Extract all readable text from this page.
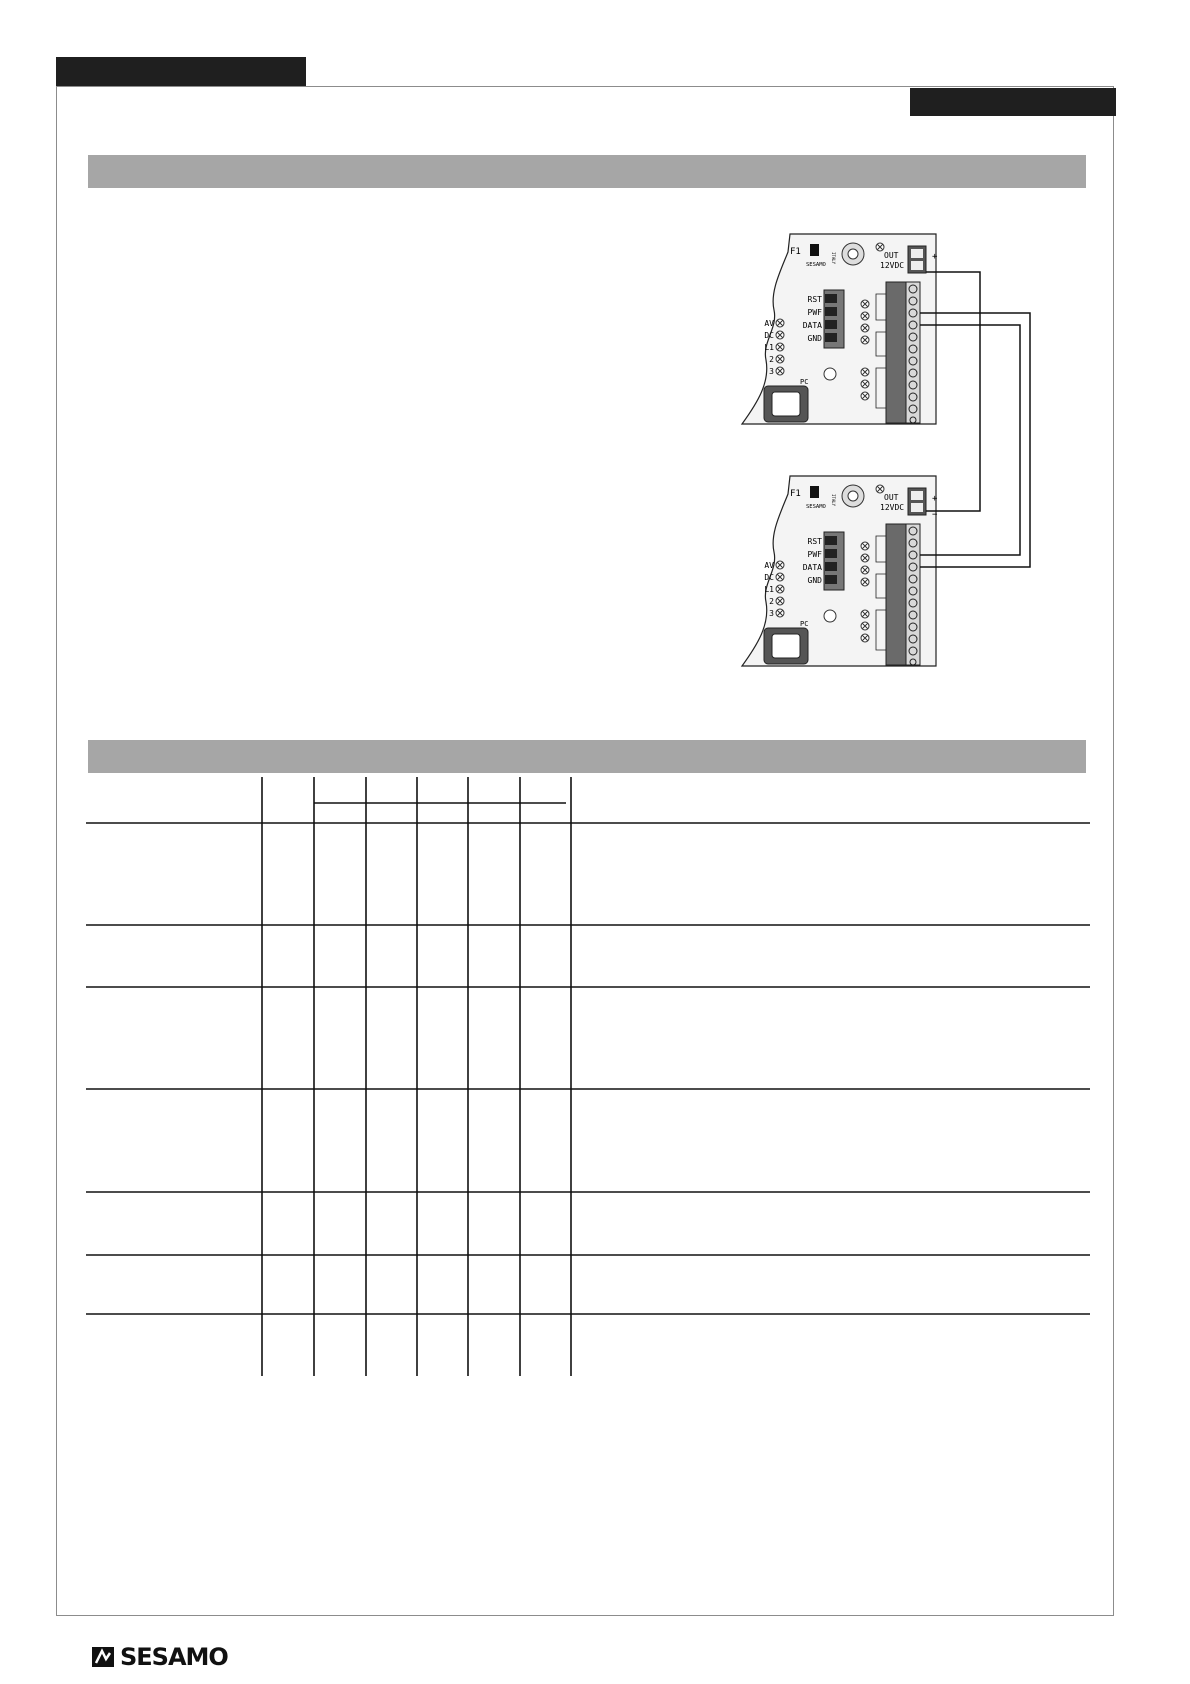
F1
SESAMO
ITALY	OUT
12VDC
+
−
RST
PWF
DATA
GND
AV
DC
L1
2
3
PC
F1
SESAMO
ITALY	OUT
12VDC
+
−
RST
PWF
DATA
GND
AV
DC
L1
2
3
PC
SESAMO
